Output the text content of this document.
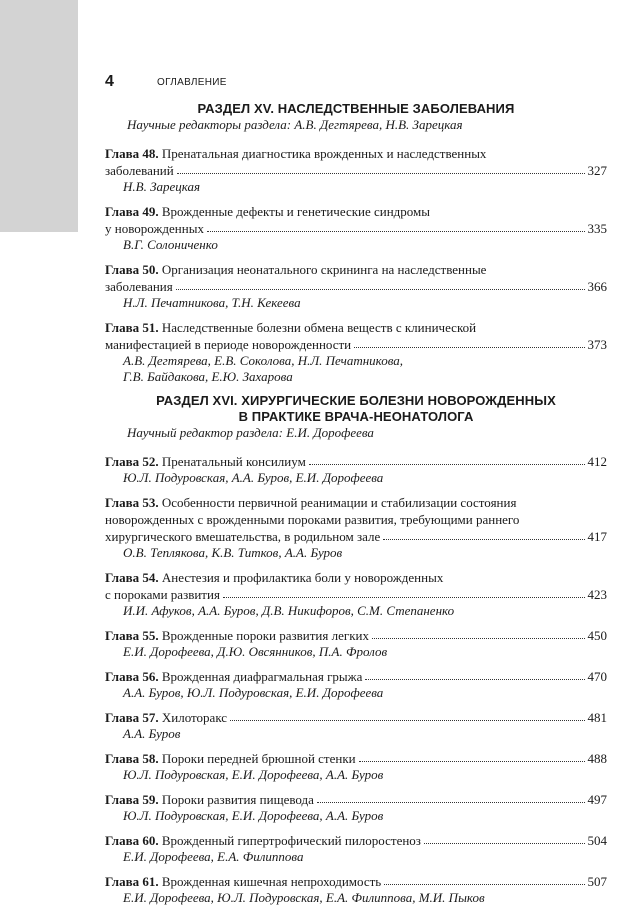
4	ОГЛАВЛЕНИЕ
РАЗДЕЛ XV. НАСЛЕДСТВЕННЫЕ ЗАБОЛЕВАНИЯ
Научные редакторы раздела: А.В. Дегтярева, Н.В. Зарецкая
Глава 48. Пренатальная диагностика врожденных и наследственных
заболеваний	327
Н.В. Зарецкая
Глава 49. Врожденные дефекты и генетические синдромы
у новорожденных	335
В.Г. Солониченко
Глава 50. Организация неонатального скрининга на наследственные
заболевания	366
Н.Л. Печатникова, Т.Н. Кекеева
Глава 51. Наследственные болезни обмена веществ с клинической
манифестацией в периоде новорожденности	373
А.В. Дегтярева, Е.В. Соколова, Н.Л. Печатникова,
Г.В. Байдакова, Е.Ю. Захарова
РАЗДЕЛ XVI. ХИРУРГИЧЕСКИЕ БОЛЕЗНИ НОВОРОЖДЕННЫХ
В ПРАКТИКЕ ВРАЧА-НЕОНАТОЛОГА
Научный редактор раздела: Е.И. Дорофеева
Глава 52. Пренатальный консилиум	412
Ю.Л. Подуровская, А.А. Буров, Е.И. Дорофеева
Глава 53. Особенности первичной реанимации и стабилизации состояния
новорожденных с врожденными пороками развития, требующими раннего
хирургического вмешательства, в родильном зале	417
О.В. Теплякова, К.В. Титков, А.А. Буров
Глава 54. Анестезия и профилактика боли у новорожденных
с пороками развития	423
И.И. Афуков, А.А. Буров, Д.В. Никифоров, С.М. Степаненко
Глава 55. Врожденные пороки развития легких	450
Е.И. Дорофеева, Д.Ю. Овсянников, П.А. Фролов
Глава 56. Врожденная диафрагмальная грыжа	470
А.А. Буров, Ю.Л. Подуровская, Е.И. Дорофеева
Глава 57. Хилоторакс	481
А.А. Буров
Глава 58. Пороки передней брюшной стенки	488
Ю.Л. Подуровская, Е.И. Дорофеева, А.А. Буров
Глава 59. Пороки развития пищевода	497
Ю.Л. Подуровская, Е.И. Дорофеева, А.А. Буров
Глава 60. Врожденный гипертрофический пилоростеноз	504
Е.И. Дорофеева, Е.А. Филиппова
Глава 61. Врожденная кишечная непроходимость	507
Е.И. Дорофеева, Ю.Л. Подуровская, Е.А. Филиппова, М.И. Пыков
